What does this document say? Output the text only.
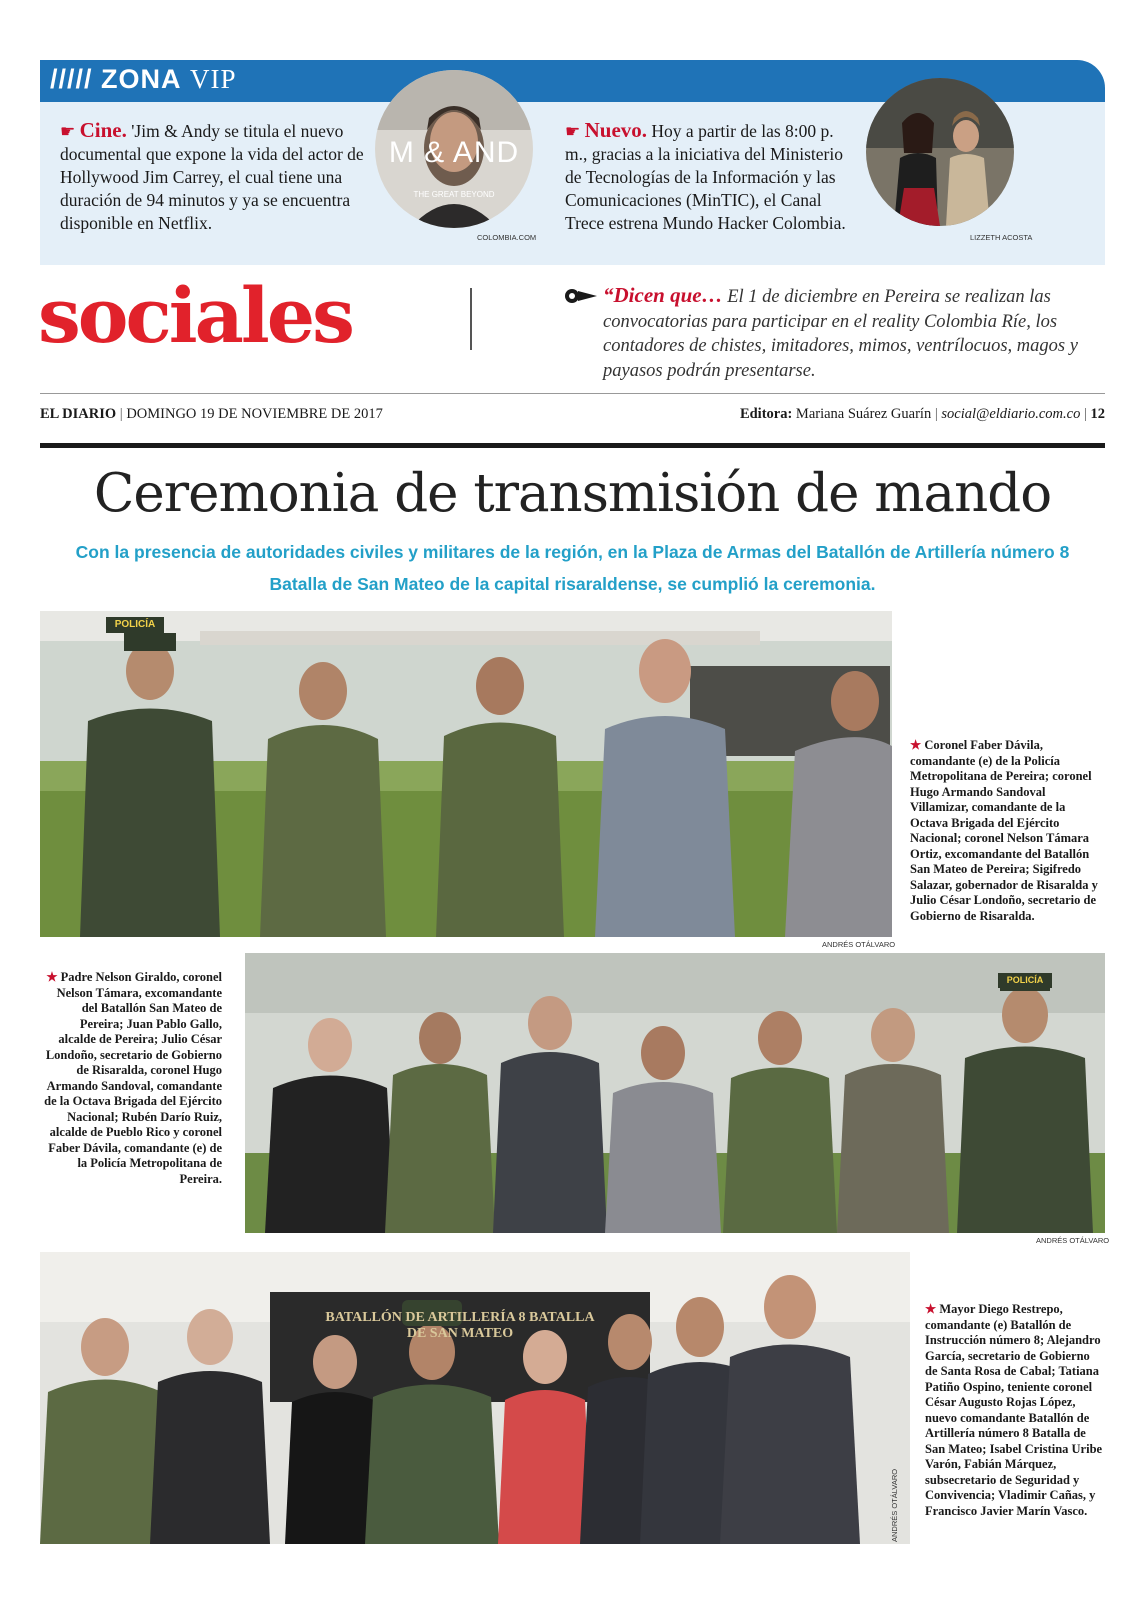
///// ZONA VIP
☛ Cine. 'Jim & Andy se titula el nuevo documental que expone la vida del actor de Hollywood Jim Carrey, el cual tiene una duración de 94 minutos y ya se encuentra disponible en Netflix.
M & AND
THE GREAT BEYOND
COLOMBIA.COM
☛ Nuevo. Hoy a partir de las 8:00 p. m., gracias a la iniciativa del Ministerio de Tecnologías de la Información y las Comunicaciones (MinTIC), el Canal Trece estrena Mundo Hacker Colombia.
LIZZETH ACOSTA
sociales	“Dicen que… El 1 de diciembre en Pereira se realizan las convocatorias para participar en el reality Colombia Ríe, los contadores de chistes, imitadores, mimos, ventrílocuos, magos y payasos podrán presentarse.
EL DIARIO | DOMINGO 19 DE NOVIEMBRE DE 2017	Editora: Mariana Suárez Guarín | social@eldiario.com.co | 12
Ceremonia de transmisión de mando
Con la presencia de autoridades civiles y militares de la región, en la Plaza de Armas del Batallón de Artillería número 8 Batalla de San Mateo de la capital risaraldense, se cumplió la ceremonia.
POLICÍA
ANDRÉS OTÁLVARO
★ Coronel Faber Dávila, comandante (e) de la Policía Metropolitana de Pereira; coronel Hugo Armando Sandoval Villamizar, comandante de la Octava Brigada del Ejército Nacional; coronel Nelson Támara Ortiz, excomandante del Batallón San Mateo de Pereira; Sigifredo Salazar, gobernador de Risaralda y Julio César Londoño, secretario de Gobierno de Risaralda.
★ Padre Nelson Giraldo, coronel Nelson Támara, excomandante del Batallón San Mateo de Pereira; Juan Pablo Gallo, alcalde de Pereira; Julio César Londoño, secretario de Gobierno de Risaralda, coronel Hugo Armando Sandoval, comandante de la Octava Brigada del Ejército Nacional; Rubén Darío Ruiz, alcalde de Pueblo Rico y coronel Faber Dávila, comandante (e) de la Policía Metropolitana de Pereira.
POLICÍA
ANDRÉS OTÁLVARO
BATALLÓN DE ARTILLERÍA 8 BATALLA DE SAN MATEO
ANDRÉS OTÁLVARO
★ Mayor Diego Restrepo, comandante (e) Batallón de Instrucción número 8; Alejandro García, secretario de Gobierno de Santa Rosa de Cabal; Tatiana Patiño Ospino, teniente coronel César Augusto Rojas López, nuevo comandante Batallón de Artillería número 8 Batalla de San Mateo; Isabel Cristina Uribe Varón, Fabián Márquez, subsecretario de Seguridad y Convivencia; Vladimir Cañas, y Francisco Javier Marín Vasco.
